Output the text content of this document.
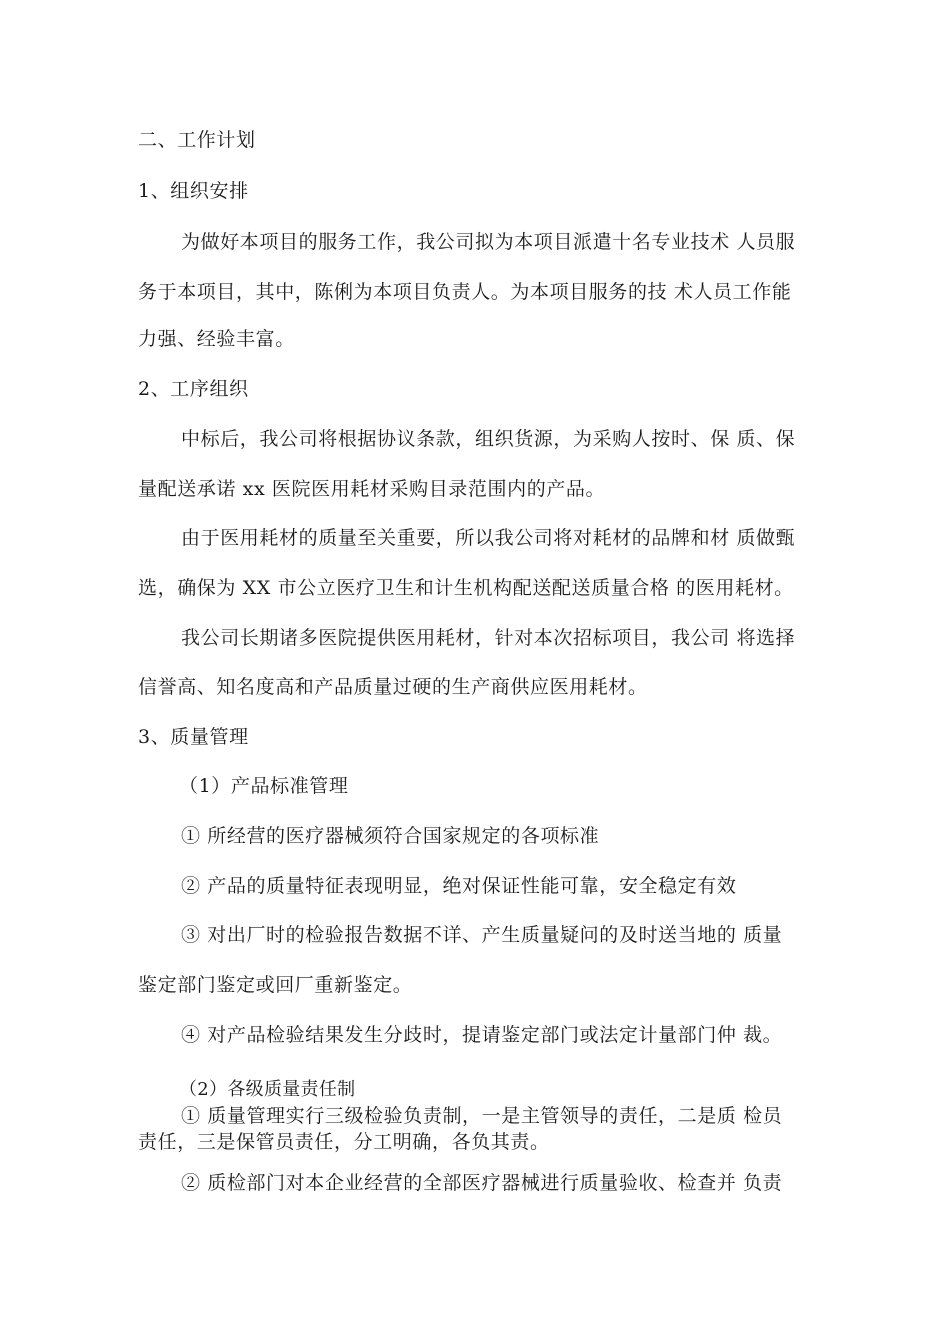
二、工作计划

1、组织安排

为做好本项目的服务工作，我公司拟为本项目派遣十名专业技术 人员服

务于本项目，其中，陈俐为本项目负责人。为本项目服务的技 术人员工作能

力强、经验丰富。

2、工序组织

中标后，我公司将根据协议条款，组织货源，为采购人按时、保 质、保

量配送承诺 xx 医院医用耗材采购目录范围内的产品。

由于医用耗材的质量至关重要，所以我公司将对耗材的品牌和材 质做甄

选，确保为 XX 市公立医疗卫生和计生机构配送配送质量合格 的医用耗材。

我公司长期诸多医院提供医用耗材，针对本次招标项目，我公司 将选择

信誉高、知名度高和产品质量过硬的生产商供应医用耗材。

3、质量管理

（1）产品标准管理

① 所经营的医疗器械须符合国家规定的各项标准

② 产品的质量特征表现明显，绝对保证性能可靠，安全稳定有效

③ 对出厂时的检验报告数据不详、产生质量疑问的及时送当地的 质量

鉴定部门鉴定或回厂重新鉴定。

④ 对产品检验结果发生分歧时，提请鉴定部门或法定计量部门仲 裁。

（2）各级质量责任制

① 质量管理实行三级检验负责制，一是主管领导的责任，二是质 检员

责任，三是保管员责任，分工明确，各负其责。

② 质检部门对本企业经营的全部医疗器械进行质量验收、检查并 负责
